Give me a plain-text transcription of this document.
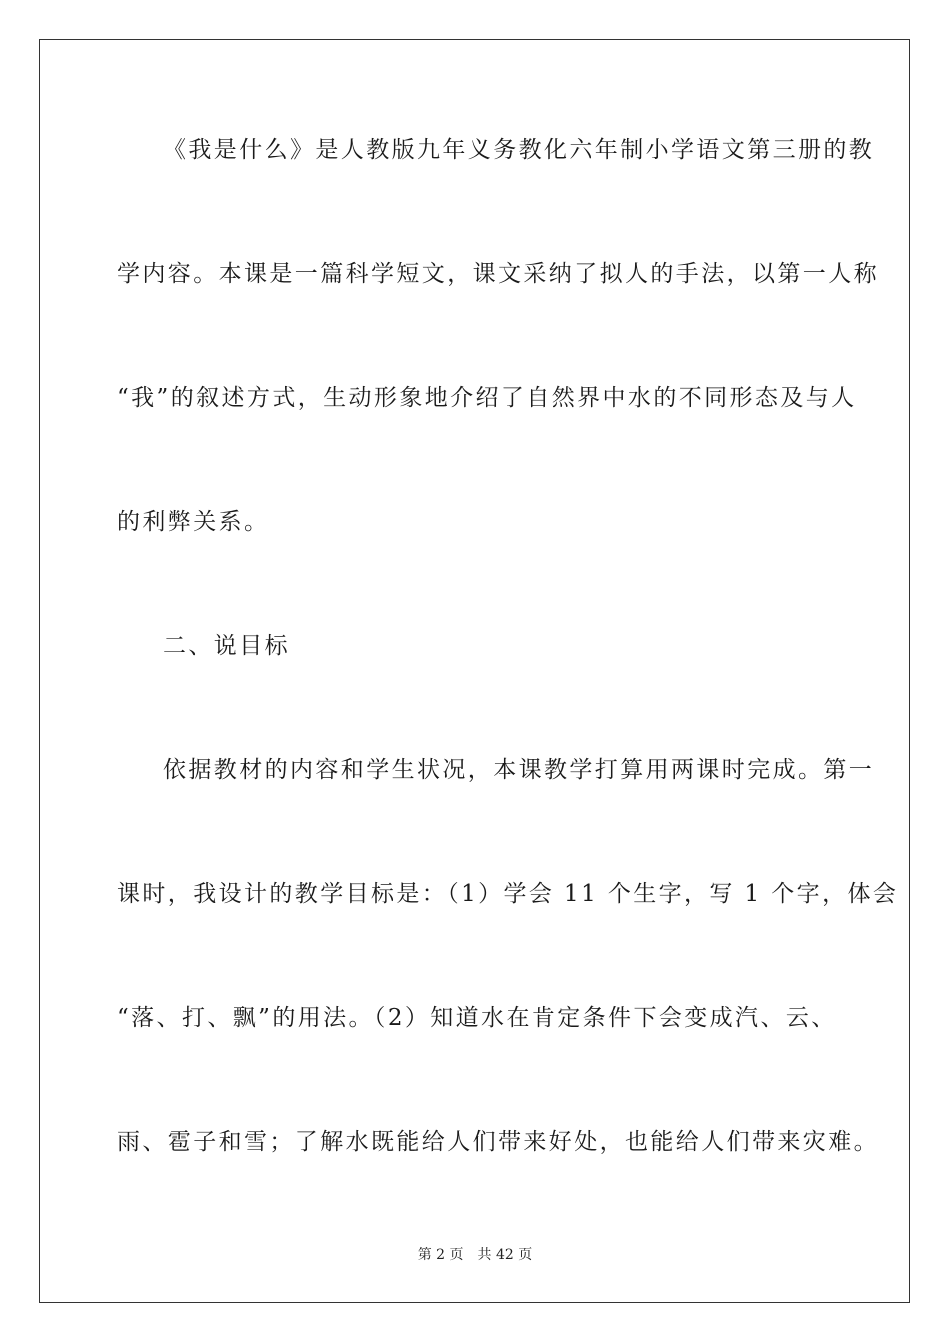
《我是什么》是人教版九年义务教化六年制小学语文第三册的教
学内容。本课是一篇科学短文，课文采纳了拟人的手法，以第一人称
“我”的叙述方式，生动形象地介绍了自然界中水的不同形态及与人
的利弊关系。
二、说目标
依据教材的内容和学生状况，本课教学打算用两课时完成。第一
课时，我设计的教学目标是：（1）学会 11 个生字，写 1 个字，体会
“落、打、飘”的用法。（2）知道水在肯定条件下会变成汽、云、
雨、雹子和雪；了解水既能给人们带来好处，也能给人们带来灾难。
第 2 页 共 42 页
